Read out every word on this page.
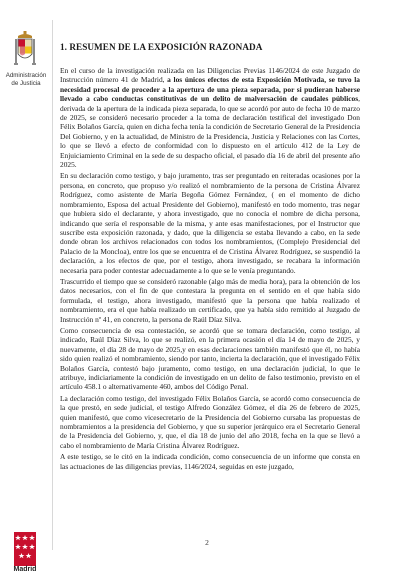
Administración de Justicia
Madrid
1. RESUMEN DE LA EXPOSICIÓN RAZONADA

En el curso de la investigación realizada en las Diligencias Previas 1146/2024 de este Juzgado de Instrucción número 41 de Madrid, a los únicos efectos de esta Exposición Motivada, se tuvo la necesidad procesal de proceder a la apertura de una pieza separada, por si pudieran haberse llevado a cabo conductas constitutivas de un delito de malversación de caudales públicos, derivada de la apertura de la indicada pieza separada, lo que se acordó por auto de fecha 10 de marzo de 2025, se consideró necesario proceder a la toma de declaración testifical del investigado Don Félix Bolaños García, quien en dicha fecha tenía la condición de Secretario General de la Presidencia Del Gobierno, y en la actualidad, de Ministro de la Presidencia, Justicia y Relaciones con las Cortes, lo que se llevó a efecto de conformidad con lo dispuesto en el artículo 412 de la Ley de Enjuiciamiento Criminal en la sede de su despacho oficial, el pasado día 16 de abril del presente año 2025.

En su declaración como testigo, y bajo juramento, tras ser preguntado en reiteradas ocasiones por la persona, en concreto, que propuso y/o realizó el nombramiento de la persona de Cristina Álvarez Rodríguez, como asistente de María Begoña Gómez Fernández, ( en el momento de dicho nombramiento, Esposa del actual Presidente del Gobierno), manifestó en todo momento, tras negar que hubiera sido el declarante, y ahora investigado, que no conocía el nombre de dicha persona, indicando que sería el responsable de la misma, y ante esas manifestaciones, por el Instructor que suscribe esta exposición razonada, y dado, que la diligencia se estaba llevando a cabo, en la sede donde obran los archivos relacionados con todos los nombramientos, (Complejo Presidencial del Palacio de la Moncloa), entre los que se encuentra el de Cristina Álvarez Rodríguez, se suspendió la declaración, a los efectos de que, por el testigo, ahora investigado, se recabara la información necesaria para poder contestar adecuadamente a lo que se le venía preguntando.

Trascurrido el tiempo que se consideró razonable (algo más de media hora), para la obtención de los datos necesarios, con el fin de que contestara la pregunta en el sentido en el que había sido formulada, el testigo, ahora investigado, manifestó que la persona que había realizado el nombramiento, era el que había realizado un certificado, que ya había sido remitido al Juzgado de Instrucción nº 41, en concreto, la persona de Raúl Díaz Silva.

Como consecuencia de esa contestación, se acordó que se tomara declaración, como testigo, al indicado, Raúl Díaz Silva, lo que se realizó, en la primera ocasión el día 14 de mayo de 2025, y nuevamente, el día 28 de mayo de 2025,y en esas declaraciones también manifestó que él, no había sido quien realizó el nombramiento, siendo por tanto, incierta la declaración, que el investigado Félix Bolaños García, contestó bajo juramento, como testigo, en una declaración judicial, lo que le atribuye, indiciariamente la condición de investigado en un delito de falso testimonio, previsto en el artículo 458.1 o alternativamente 460, ambos del Código Penal.

La declaración como testigo, del investigado Félix Bolaños García, se acordó como consecuencia de la que prestó, en sede judicial, el testigo Alfredo González Gómez, el día 26 de febrero de 2025, quien manifestó, que como vicesecretario de la Presidencia del Gobierno cursaba las propuestas de nombramientos a la presidencia del Gobierno, y que su superior jerárquico era el Secretario General de la Presidencia del Gobierno, y, que, el día 18 de junio del año 2018, fecha en la que se llevó a cabo el nombramiento de María Cristina Álvarez Rodríguez.

A este testigo, se le citó en la indicada condición, como consecuencia de un informe que consta en las actuaciones de las diligencias previas, 1146/2024, seguidas en este juzgado,

2
